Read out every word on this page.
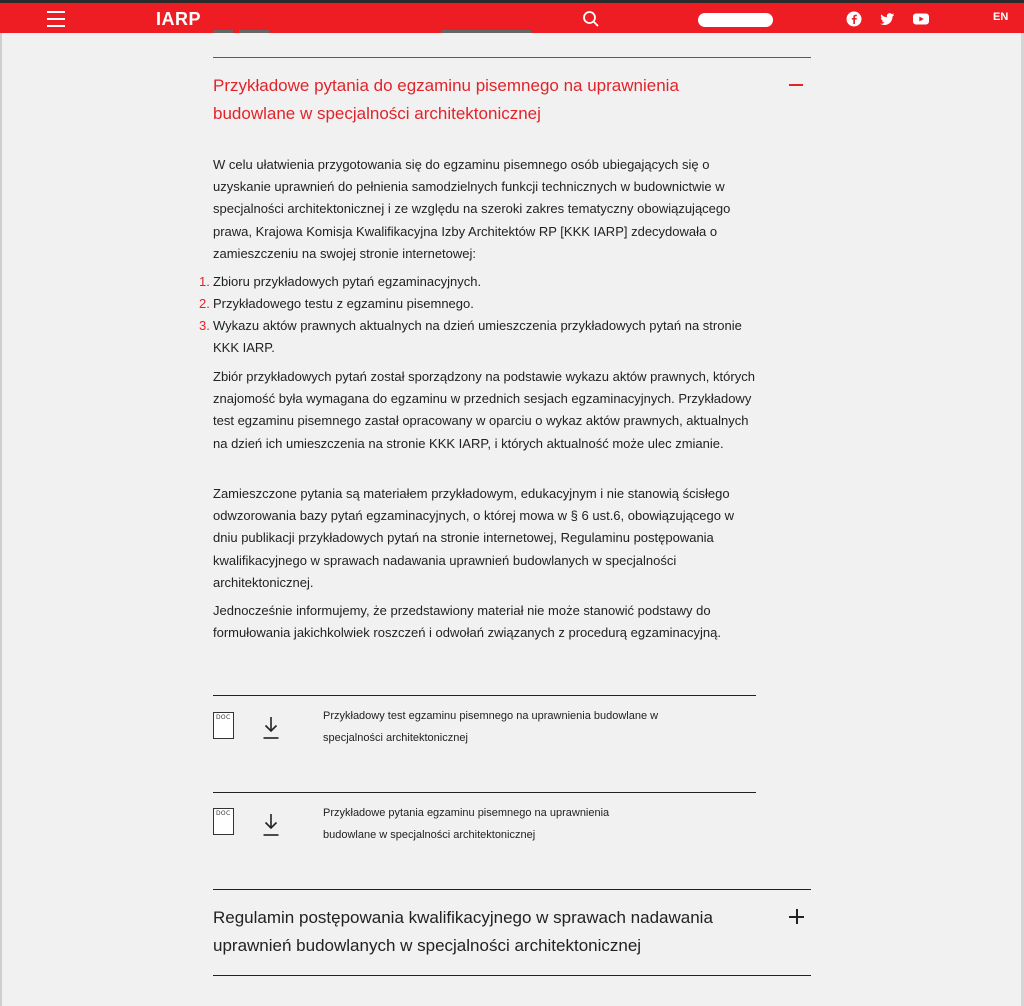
IARP	EN
Przykładowe pytania do egzaminu pisemnego na uprawnienia budowlane w specjalności architektonicznej

W celu ułatwienia przygotowania się do egzaminu pisemnego osób ubiegających się o uzyskanie uprawnień do pełnienia samodzielnych funkcji technicznych w budownictwie w specjalności architektonicznej i ze względu na szeroki zakres tematyczny obowiązującego prawa, Krajowa Komisja Kwalifikacyjna Izby Architektów RP [KKK IARP] zdecydowała o zamieszczeniu na swojej stronie internetowej:

1. Zbioru przykładowych pytań egzaminacyjnych.
2. Przykładowego testu z egzaminu pisemnego.
3. Wykazu aktów prawnych aktualnych na dzień umieszczenia przykładowych pytań na stronie KKK IARP.

Zbiór przykładowych pytań został sporządzony na podstawie wykazu aktów prawnych, których znajomość była wymagana do egzaminu w przednich sesjach egzaminacyjnych. Przykładowy test egzaminu pisemnego zastał opracowany w oparciu o wykaz aktów prawnych, aktualnych na dzień ich umieszczenia na stronie KKK IARP, i których aktualność może ulec zmianie.

Zamieszczone pytania są materiałem przykładowym, edukacyjnym i nie stanowią ścisłego odwzorowania bazy pytań egzaminacyjnych, o której mowa w § 6 ust.6, obowiązującego w dniu publikacji przykładowych pytań na stronie internetowej, Regulaminu postępowania kwalifikacyjnego w sprawach nadawania uprawnień budowlanych w specjalności architektonicznej.

Jednocześnie informujemy, że przedstawiony materiał nie może stanowić podstawy do formułowania jakichkolwiek roszczeń i odwołań związanych z procedurą egzaminacyjną.

DOC	Przykładowy test egzaminu pisemnego na uprawnienia budowlane w specjalności architektonicznej

DOC	Przykładowe pytania egzaminu pisemnego na uprawnienia budowlane w specjalności architektonicznej

Regulamin postępowania kwalifikacyjnego w sprawach nadawania uprawnień budowlanych w specjalności architektonicznej
